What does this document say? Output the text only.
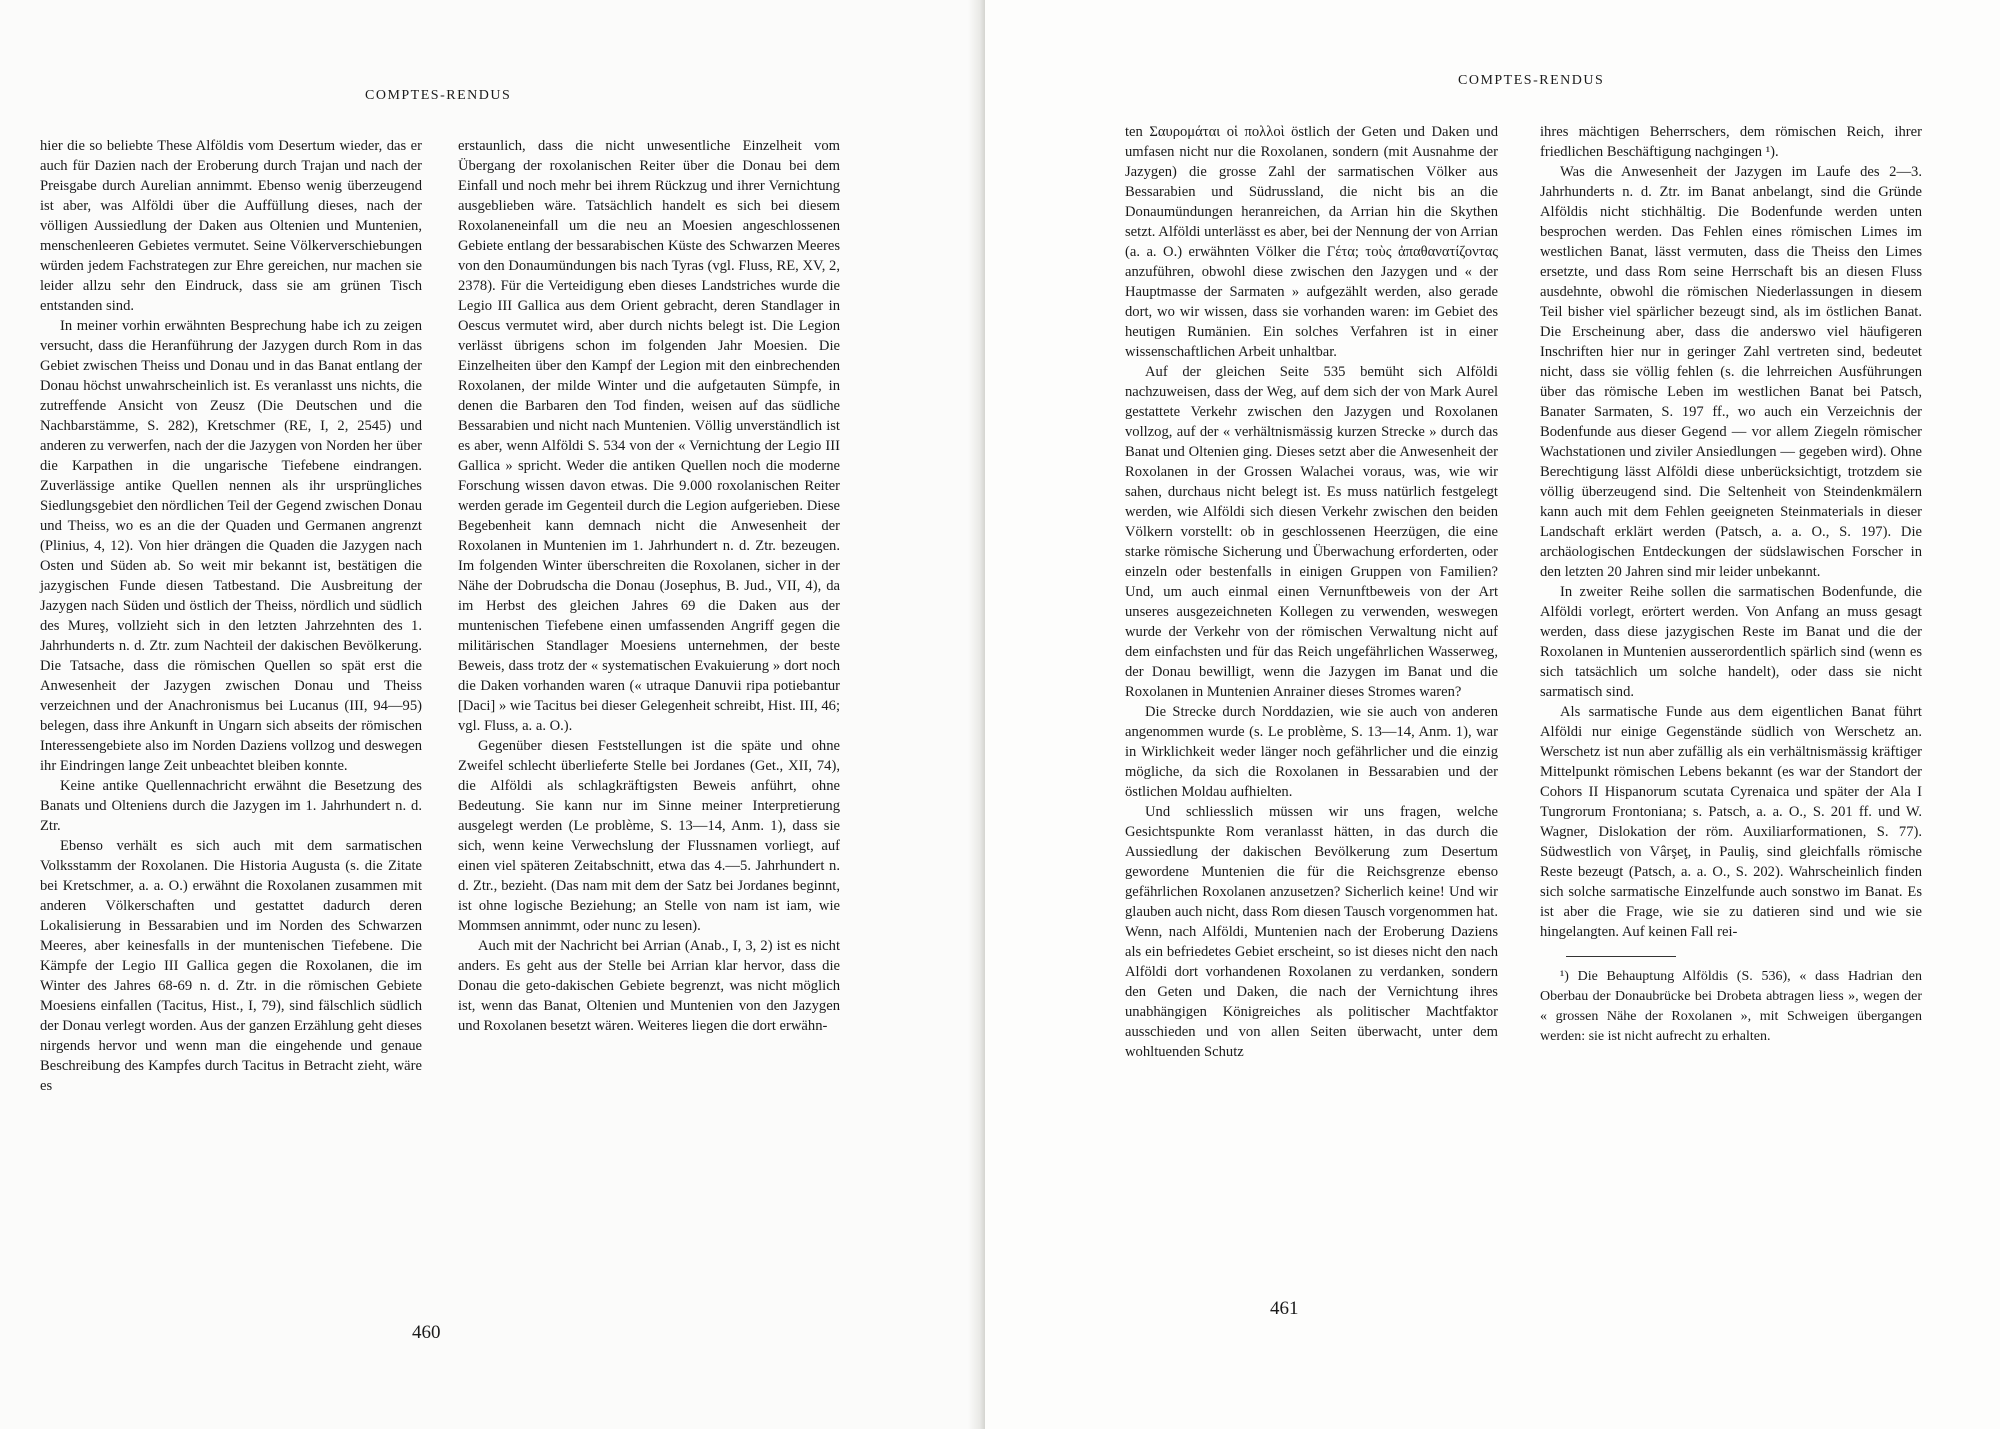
COMPTES-RENDUS

hier die so beliebte These Alföldis vom Desertum wieder, das er auch für Dazien nach der Eroberung durch Trajan und nach der Preisgabe durch Aurelian annimmt. Ebenso wenig überzeugend ist aber, was Alföldi über die Auffüllung dieses, nach der völligen Aussiedlung der Daken aus Oltenien und Muntenien, menschenleeren Gebietes vermutet. Seine Völkerverschiebungen würden jedem Fachstrategen zur Ehre gereichen, nur machen sie leider allzu sehr den Eindruck, dass sie am grünen Tisch entstanden sind.

In meiner vorhin erwähnten Besprechung habe ich zu zeigen versucht, dass die Heranführung der Jazygen durch Rom in das Gebiet zwischen Theiss und Donau und in das Banat entlang der Donau höchst unwahrscheinlich ist. Es veranlasst uns nichts, die zutreffende Ansicht von Zeusz (Die Deutschen und die Nachbarstämme, S. 282), Kretschmer (RE, I, 2, 2545) und anderen zu verwerfen, nach der die Jazygen von Norden her über die Karpathen in die ungarische Tiefebene eindrangen. Zuverlässige antike Quellen nennen als ihr ursprüngliches Siedlungsgebiet den nördlichen Teil der Gegend zwischen Donau und Theiss, wo es an die der Quaden und Germanen angrenzt (Plinius, 4, 12). Von hier drängen die Quaden die Jazygen nach Osten und Süden ab. So weit mir bekannt ist, bestätigen die jazygischen Funde diesen Tatbestand. Die Ausbreitung der Jazygen nach Süden und östlich der Theiss, nördlich und südlich des Mureş, vollzieht sich in den letzten Jahrzehnten des 1. Jahrhunderts n. d. Ztr. zum Nachteil der dakischen Bevölkerung. Die Tatsache, dass die römischen Quellen so spät erst die Anwesenheit der Jazygen zwischen Donau und Theiss verzeichnen und der Anachronismus bei Lucanus (III, 94—95) belegen, dass ihre Ankunft in Ungarn sich abseits der römischen Interessengebiete also im Norden Daziens vollzog und deswegen ihr Eindringen lange Zeit unbeachtet bleiben konnte.

Keine antike Quellennachricht erwähnt die Besetzung des Banats und Olteniens durch die Jazygen im 1. Jahrhundert n. d. Ztr.

Ebenso verhält es sich auch mit dem sarmatischen Volksstamm der Roxolanen. Die Historia Augusta (s. die Zitate bei Kretschmer, a. a. O.) erwähnt die Roxolanen zusammen mit anderen Völkerschaften und gestattet dadurch deren Lokalisierung in Bessarabien und im Norden des Schwarzen Meeres, aber keinesfalls in der muntenischen Tiefebene. Die Kämpfe der Legio III Gallica gegen die Roxolanen, die im Winter des Jahres 68-69 n. d. Ztr. in die römischen Gebiete Moesiens einfallen (Tacitus, Hist., I, 79), sind fälschlich südlich der Donau verlegt worden. Aus der ganzen Erzählung geht dieses nirgends hervor und wenn man die eingehende und genaue Beschreibung des Kampfes durch Tacitus in Betracht zieht, wäre es

erstaunlich, dass die nicht unwesentliche Einzelheit vom Übergang der roxolanischen Reiter über die Donau bei dem Einfall und noch mehr bei ihrem Rückzug und ihrer Vernichtung ausgeblieben wäre. Tatsächlich handelt es sich bei diesem Roxolaneneinfall um die neu an Moesien angeschlossenen Gebiete entlang der bessarabischen Küste des Schwarzen Meeres von den Donaumündungen bis nach Tyras (vgl. Fluss, RE, XV, 2, 2378). Für die Verteidigung eben dieses Landstriches wurde die Legio III Gallica aus dem Orient gebracht, deren Standlager in Oescus vermutet wird, aber durch nichts belegt ist. Die Legion verlässt übrigens schon im folgenden Jahr Moesien. Die Einzelheiten über den Kampf der Legion mit den einbrechenden Roxolanen, der milde Winter und die aufgetauten Sümpfe, in denen die Barbaren den Tod finden, weisen auf das südliche Bessarabien und nicht nach Muntenien. Völlig unverständlich ist es aber, wenn Alföldi S. 534 von der « Vernichtung der Legio III Gallica » spricht. Weder die antiken Quellen noch die moderne Forschung wissen davon etwas. Die 9.000 roxolanischen Reiter werden gerade im Gegenteil durch die Legion aufgerieben. Diese Begebenheit kann demnach nicht die Anwesenheit der Roxolanen in Muntenien im 1. Jahrhundert n. d. Ztr. bezeugen. Im folgenden Winter überschreiten die Roxolanen, sicher in der Nähe der Dobrudscha die Donau (Josephus, B. Jud., VII, 4), da im Herbst des gleichen Jahres 69 die Daken aus der muntenischen Tiefebene einen umfassenden Angriff gegen die militärischen Standlager Moesiens unternehmen, der beste Beweis, dass trotz der « systematischen Evakuierung » dort noch die Daken vorhanden waren (« utraque Danuvii ripa potiebantur [Daci] » wie Tacitus bei dieser Gelegenheit schreibt, Hist. III, 46; vgl. Fluss, a. a. O.).

Gegenüber diesen Feststellungen ist die späte und ohne Zweifel schlecht überlieferte Stelle bei Jordanes (Get., XII, 74), die Alföldi als schlagkräftigsten Beweis anführt, ohne Bedeutung. Sie kann nur im Sinne meiner Interpretierung ausgelegt werden (Le problème, S. 13—14, Anm. 1), dass sie sich, wenn keine Verwechslung der Flussnamen vorliegt, auf einen viel späteren Zeitabschnitt, etwa das 4.—5. Jahrhundert n. d. Ztr., bezieht. (Das nam mit dem der Satz bei Jordanes beginnt, ist ohne logische Beziehung; an Stelle von nam ist iam, wie Mommsen annimmt, oder nunc zu lesen).

Auch mit der Nachricht bei Arrian (Anab., I, 3, 2) ist es nicht anders. Es geht aus der Stelle bei Arrian klar hervor, dass die Donau die geto-dakischen Gebiete begrenzt, was nicht möglich ist, wenn das Banat, Oltenien und Muntenien von den Jazygen und Roxolanen besetzt wären. Weiteres liegen die dort erwähn-

460
COMPTES-RENDUS

ten Σαυρομάται οἱ πολλοὶ östlich der Geten und Daken und umfasen nicht nur die Roxolanen, sondern (mit Ausnahme der Jazygen) die grosse Zahl der sarmatischen Völker aus Bessarabien und Südrussland, die nicht bis an die Donaumündungen heranreichen, da Arrian hin die Skythen setzt. Alföldi unterlässt es aber, bei der Nennung der von Arrian (a. a. O.) erwähnten Völker die Γέτα; τοὺς ἀπαθανατίζοντας anzuführen, obwohl diese zwischen den Jazygen und « der Hauptmasse der Sarmaten » aufgezählt werden, also gerade dort, wo wir wissen, dass sie vorhanden waren: im Gebiet des heutigen Rumänien. Ein solches Verfahren ist in einer wissenschaftlichen Arbeit unhaltbar.

Auf der gleichen Seite 535 bemüht sich Alföldi nachzuweisen, dass der Weg, auf dem sich der von Mark Aurel gestattete Verkehr zwischen den Jazygen und Roxolanen vollzog, auf der « verhältnismässig kurzen Strecke » durch das Banat und Oltenien ging. Dieses setzt aber die Anwesenheit der Roxolanen in der Grossen Walachei voraus, was, wie wir sahen, durchaus nicht belegt ist. Es muss natürlich festgelegt werden, wie Alföldi sich diesen Verkehr zwischen den beiden Völkern vorstellt: ob in geschlossenen Heerzügen, die eine starke römische Sicherung und Überwachung erforderten, oder einzeln oder bestenfalls in einigen Gruppen von Familien? Und, um auch einmal einen Vernunftbeweis von der Art unseres ausgezeichneten Kollegen zu verwenden, weswegen wurde der Verkehr von der römischen Verwaltung nicht auf dem einfachsten und für das Reich ungefährlichen Wasserweg, der Donau bewilligt, wenn die Jazygen im Banat und die Roxolanen in Muntenien Anrainer dieses Stromes waren?

Die Strecke durch Norddazien, wie sie auch von anderen angenommen wurde (s. Le problème, S. 13—14, Anm. 1), war in Wirklichkeit weder länger noch gefährlicher und die einzig mögliche, da sich die Roxolanen in Bessarabien und der östlichen Moldau aufhielten.

Und schliesslich müssen wir uns fragen, welche Gesichtspunkte Rom veranlasst hätten, in das durch die Aussiedlung der dakischen Bevölkerung zum Desertum gewordene Muntenien die für die Reichsgrenze ebenso gefährlichen Roxolanen anzusetzen? Sicherlich keine! Und wir glauben auch nicht, dass Rom diesen Tausch vorgenommen hat. Wenn, nach Alföldi, Muntenien nach der Eroberung Daziens als ein befriedetes Gebiet erscheint, so ist dieses nicht den nach Alföldi dort vorhandenen Roxolanen zu verdanken, sondern den Geten und Daken, die nach der Vernichtung ihres unabhängigen Königreiches als politischer Machtfaktor ausschieden und von allen Seiten überwacht, unter dem wohltuenden Schutz

ihres mächtigen Beherrschers, dem römischen Reich, ihrer friedlichen Beschäftigung nachgingen ¹).

Was die Anwesenheit der Jazygen im Laufe des 2—3. Jahrhunderts n. d. Ztr. im Banat anbelangt, sind die Gründe Alföldis nicht stichhältig. Die Bodenfunde werden unten besprochen werden. Das Fehlen eines römischen Limes im westlichen Banat, lässt vermuten, dass die Theiss den Limes ersetzte, und dass Rom seine Herrschaft bis an diesen Fluss ausdehnte, obwohl die römischen Niederlassungen in diesem Teil bisher viel spärlicher bezeugt sind, als im östlichen Banat. Die Erscheinung aber, dass die anderswo viel häufigeren Inschriften hier nur in geringer Zahl vertreten sind, bedeutet nicht, dass sie völlig fehlen (s. die lehrreichen Ausführungen über das römische Leben im westlichen Banat bei Patsch, Banater Sarmaten, S. 197 ff., wo auch ein Verzeichnis der Bodenfunde aus dieser Gegend — vor allem Ziegeln römischer Wachstationen und ziviler Ansiedlungen — gegeben wird). Ohne Berechtigung lässt Alföldi diese unberücksichtigt, trotzdem sie völlig überzeugend sind. Die Seltenheit von Steindenkmälern kann auch mit dem Fehlen geeigneten Steinmaterials in dieser Landschaft erklärt werden (Patsch, a. a. O., S. 197). Die archäologischen Entdeckungen der südslawischen Forscher in den letzten 20 Jahren sind mir leider unbekannt.

In zweiter Reihe sollen die sarmatischen Bodenfunde, die Alföldi vorlegt, erörtert werden. Von Anfang an muss gesagt werden, dass diese jazygischen Reste im Banat und die der Roxolanen in Muntenien ausserordentlich spärlich sind (wenn es sich tatsächlich um solche handelt), oder dass sie nicht sarmatisch sind.

Als sarmatische Funde aus dem eigentlichen Banat führt Alföldi nur einige Gegenstände südlich von Werschetz an. Werschetz ist nun aber zufällig als ein verhältnismässig kräftiger Mittelpunkt römischen Lebens bekannt (es war der Standort der Cohors II Hispanorum scutata Cyrenaica und später der Ala I Tungrorum Frontoniana; s. Patsch, a. a. O., S. 201 ff. und W. Wagner, Dislokation der röm. Auxiliarformationen, S. 77). Südwestlich von Vârşeţ, in Pauliş, sind gleichfalls römische Reste bezeugt (Patsch, a. a. O., S. 202). Wahrscheinlich finden sich solche sarmatische Einzelfunde auch sonstwo im Banat. Es ist aber die Frage, wie sie zu datieren sind und wie sie hingelangten. Auf keinen Fall rei-

¹) Die Behauptung Alföldis (S. 536), « dass Hadrian den Oberbau der Donaubrücke bei Drobeta abtragen liess », wegen der « grossen Nähe der Roxolanen », mit Schweigen übergangen werden: sie ist nicht aufrecht zu erhalten.

461
